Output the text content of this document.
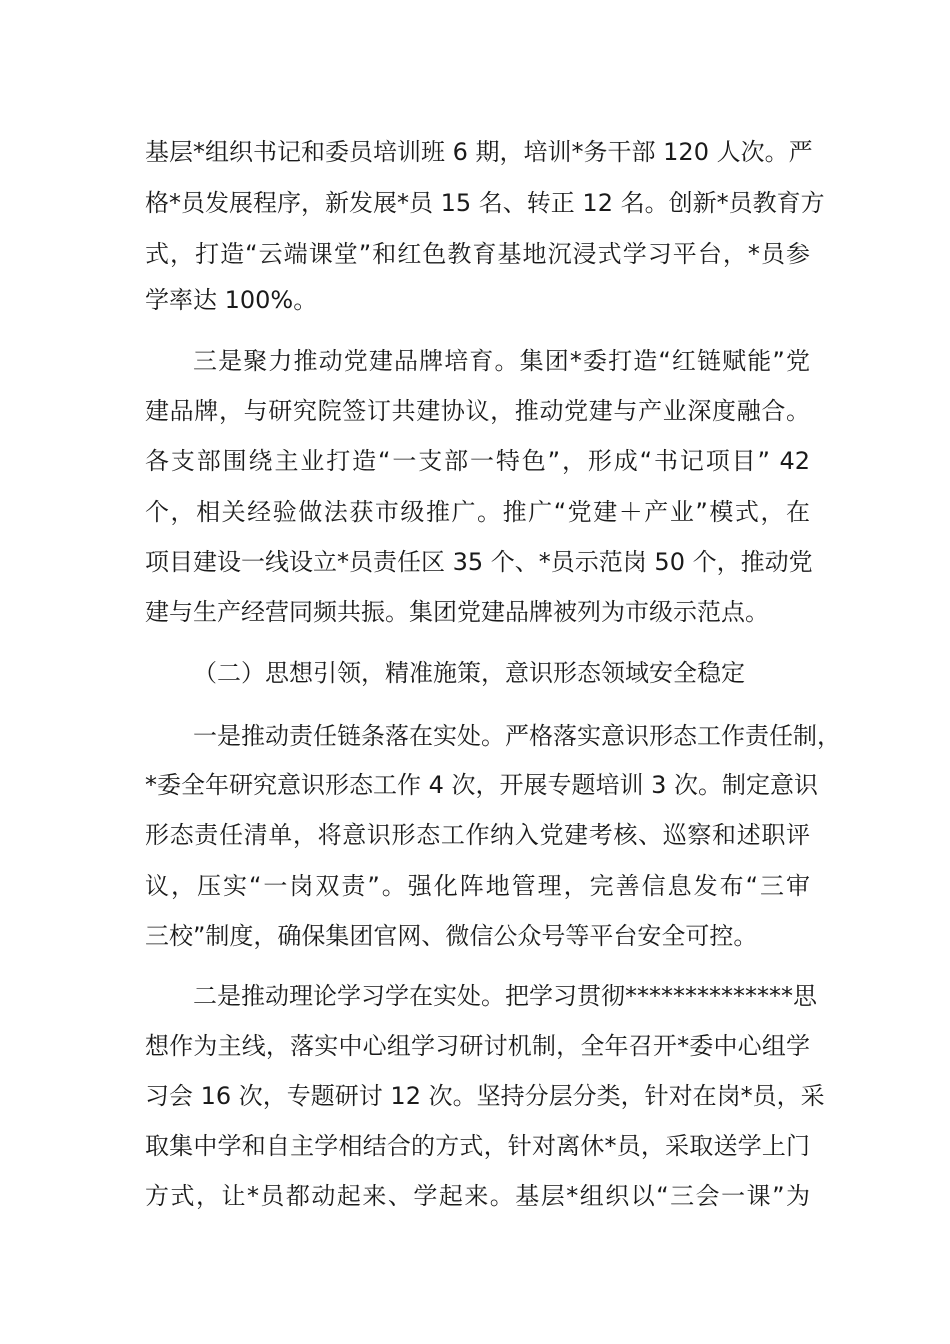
基层*组织书记和委员培训班 6 期，培训*务干部 120 人次。严
格*员发展程序，新发展*员 15 名、转正 12 名。创新*员教育方
式，打造“云端课堂”和红色教育基地沉浸式学习平台，*员参
学率达 100%。
三是聚力推动党建品牌培育。集团*委打造“红链赋能”党
建品牌，与研究院签订共建协议，推动党建与产业深度融合。
各支部围绕主业打造“一支部一特色”，形成“书记项目” 42
个，相关经验做法获市级推广。推广“党建＋产业”模式，在
项目建设一线设立*员责任区 35 个、*员示范岗 50 个，推动党
建与生产经营同频共振。集团党建品牌被列为市级示范点。
（二）思想引领，精准施策，意识形态领域安全稳定
一是推动责任链条落在实处。严格落实意识形态工作责任制，
*委全年研究意识形态工作 4 次，开展专题培训 3 次。制定意识
形态责任清单，将意识形态工作纳入党建考核、巡察和述职评
议，压实“一岗双责”。强化阵地管理，完善信息发布“三审
三校”制度，确保集团官网、微信公众号等平台安全可控。
二是推动理论学习学在实处。把学习贯彻**************思
想作为主线，落实中心组学习研讨机制，全年召开*委中心组学
习会 16 次，专题研讨 12 次。坚持分层分类，针对在岗*员，采
取集中学和自主学相结合的方式，针对离休*员，采取送学上门
方式，让*员都动起来、学起来。基层*组织以“三会一课”为
